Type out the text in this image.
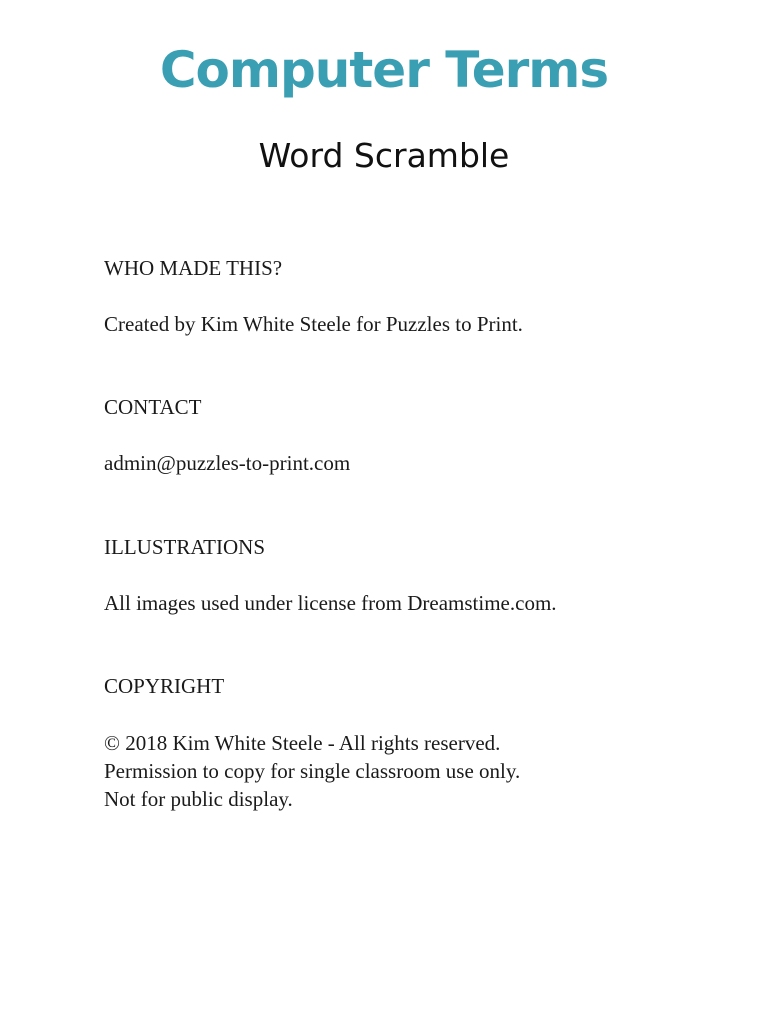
Computer Terms
Word Scramble

WHO MADE THIS?

Created by Kim White Steele for Puzzles to Print.

CONTACT

admin@puzzles-to-print.com

ILLUSTRATIONS

All images used under license from Dreamstime.com.

COPYRIGHT

© 2018 Kim White Steele - All rights reserved.

Permission to copy for single classroom use only.

Not for public display.
